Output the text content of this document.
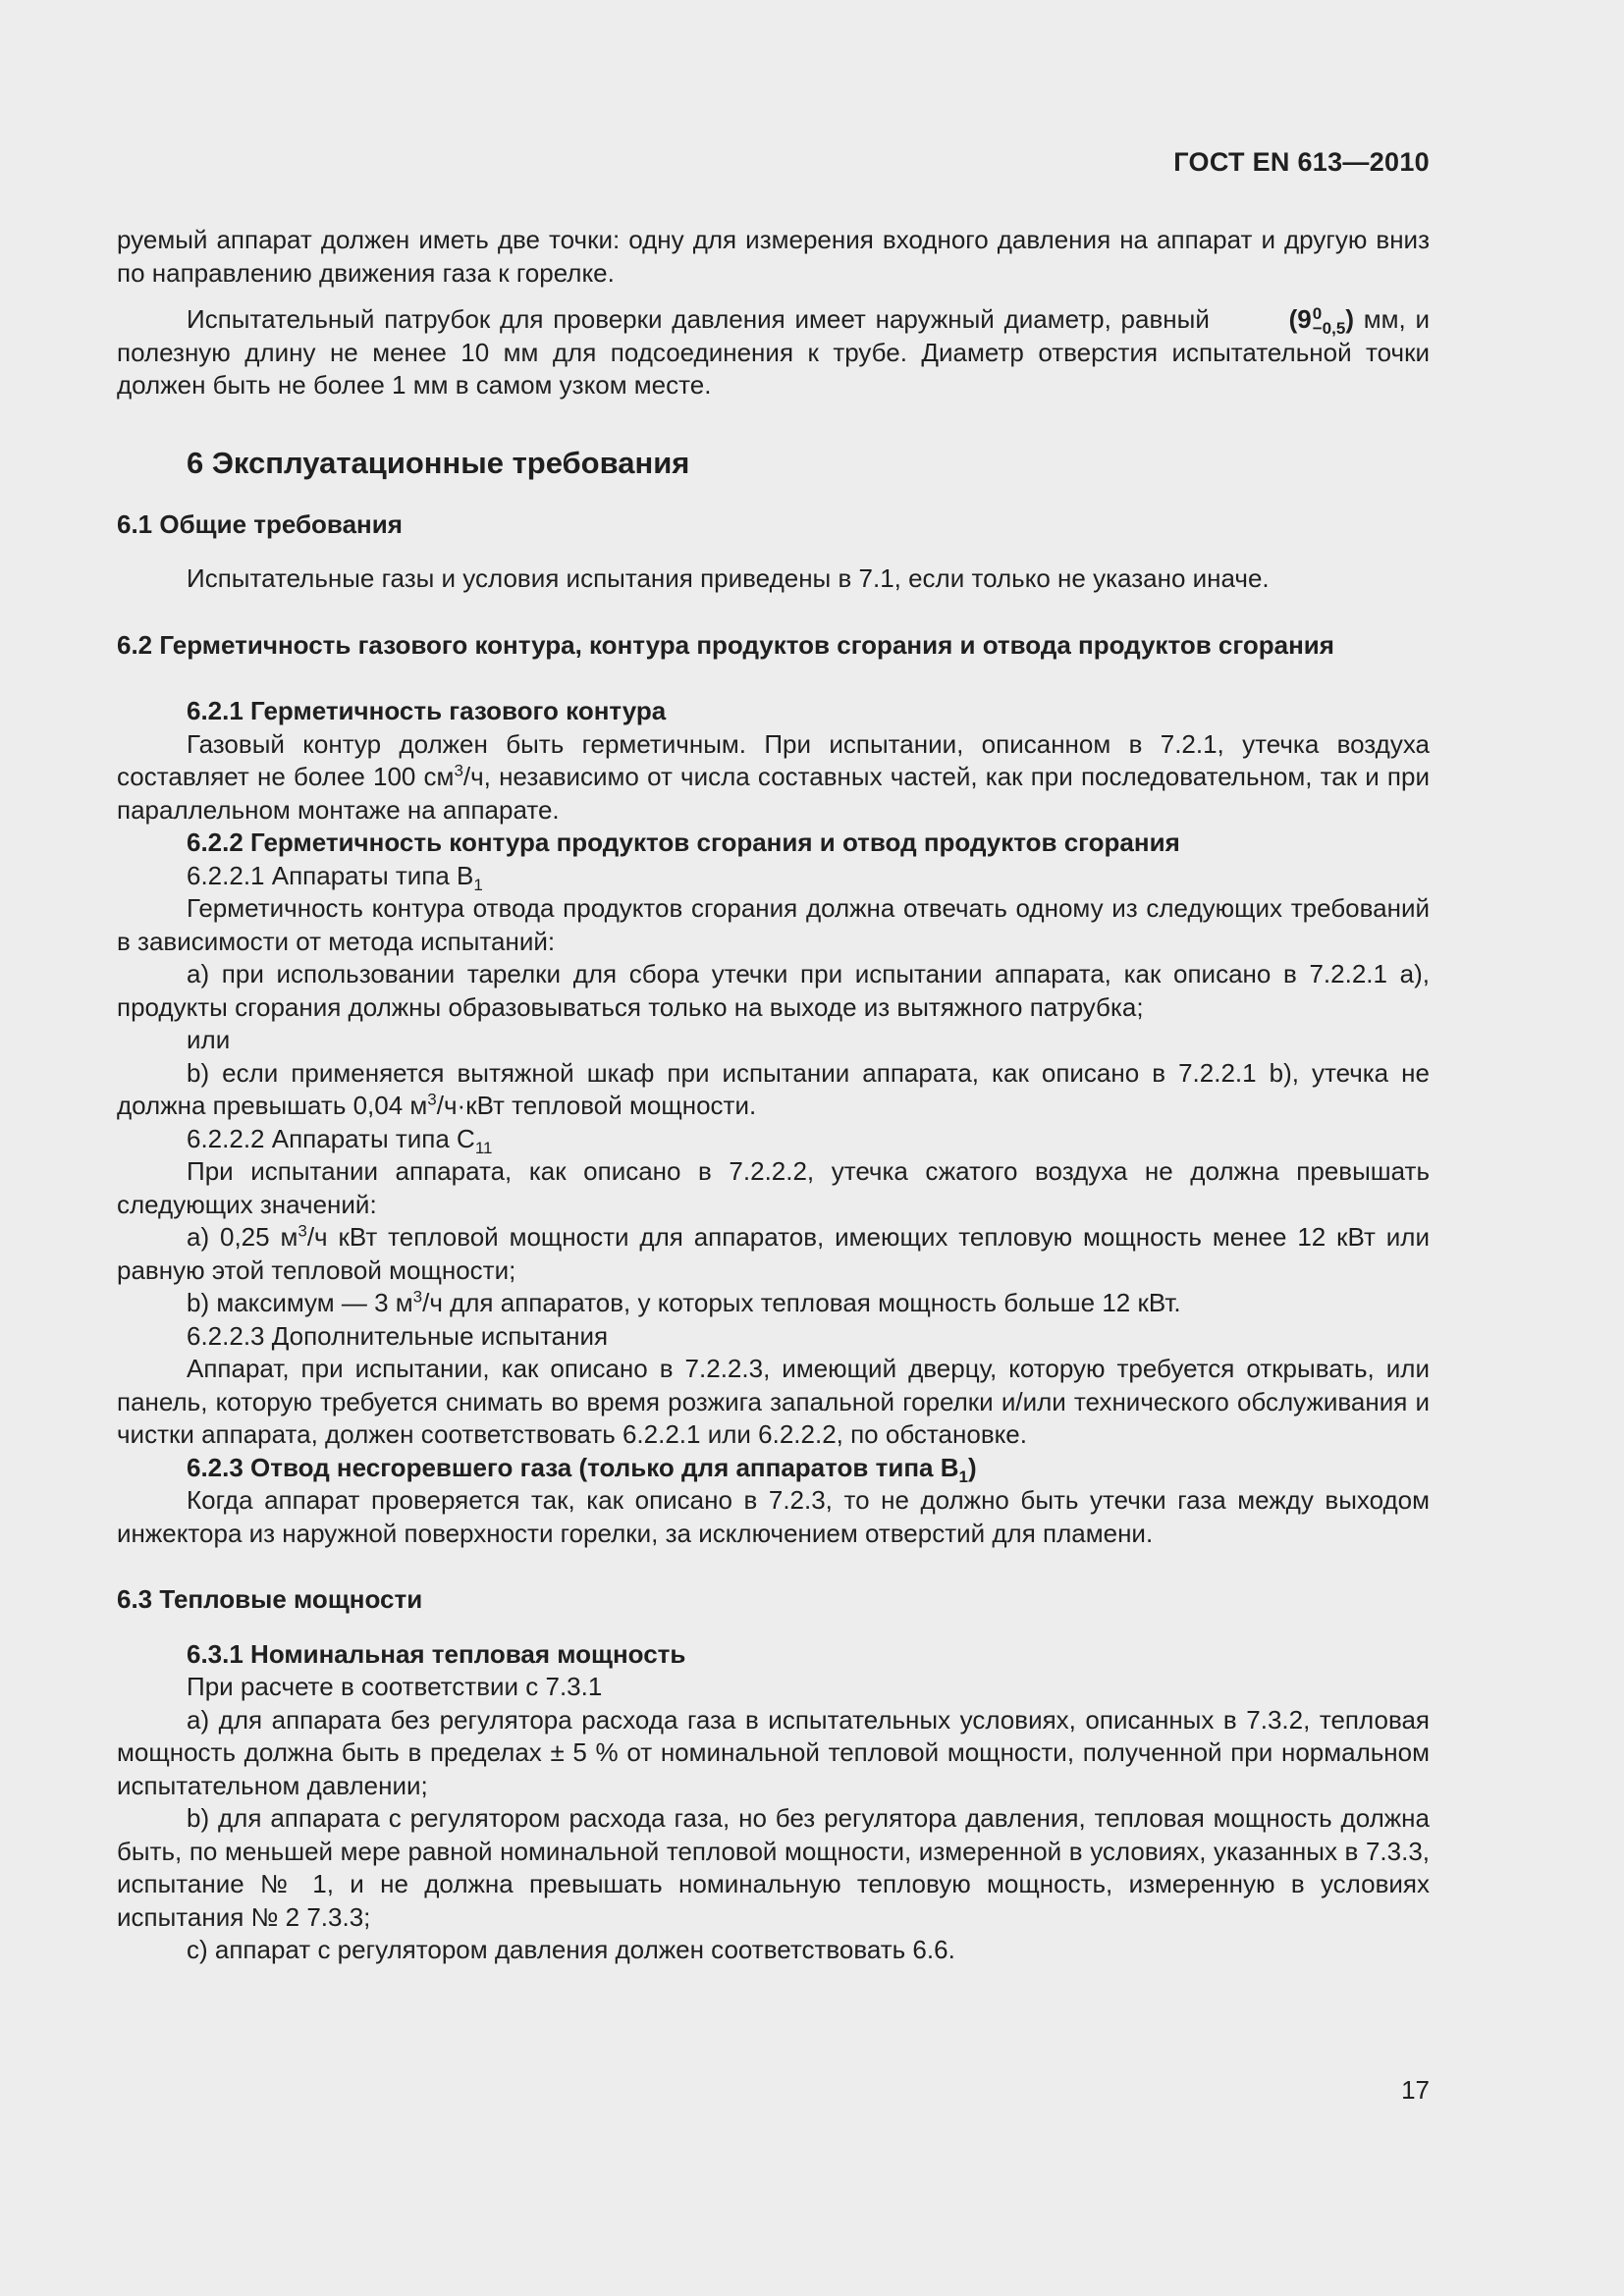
ГОСТ EN 613—2010

руемый аппарат должен иметь две точки: одну для измерения входного давления на аппарат и другую вниз по направлению движения газа к горелке.

Испытательный патрубок для проверки давления имеет наружный диаметр, равный	(9 0
−0,5 ) мм, и полезную длину не менее 10 мм для подсоединения к трубе. Диаметр отверстия испытательной точки должен быть не более 1 мм в самом узком месте.

6 Эксплуатационные требования

6.1 Общие требования

Испытательные газы и условия испытания приведены в 7.1, если только не указано иначе.

6.2 Герметичность газового контура, контура продуктов сгорания и отвода продуктов сгорания

6.2.1 Герметичность газового контура

Газовый контур должен быть герметичным. При испытании, описанном в 7.2.1, утечка воздуха составляет не более 100 $см^3/ч$, независимо от числа составных частей, как при последовательном, так и при параллельном монтаже на аппарате.

6.2.2 Герметичность контура продуктов сгорания и отвод продуктов сгорания

6.2.2.1 Аппараты типа $B_1$

Герметичность контура отвода продуктов сгорания должна отвечать одному из следующих требований в зависимости от метода испытаний:

a) при использовании тарелки для сбора утечки при испытании аппарата, как описано в 7.2.2.1 a), продукты сгорания должны образовываться только на выходе из вытяжного патрубка;

или

b) если применяется вытяжной шкаф при испытании аппарата, как описано в 7.2.2.1 b), утечка не должна превышать 0,04 $м^3/ч\cdot кВт$ тепловой мощности.

6.2.2.2 Аппараты типа $C_{11}$

При испытании аппарата, как описано в 7.2.2.2, утечка сжатого воздуха не должна превышать следующих значений:

a) 0,25 $м^3/ч$ кВт тепловой мощности для аппаратов, имеющих тепловую мощность менее 12 кВт или равную этой тепловой мощности;

b) максимум — 3 $м^3/ч$ для аппаратов, у которых тепловая мощность больше 12 кВт.

6.2.2.3 Дополнительные испытания

Аппарат, при испытании, как описано в 7.2.2.3, имеющий дверцу, которую требуется открывать, или панель, которую требуется снимать во время розжига запальной горелки и/или технического обслуживания и чистки аппарата, должен соответствовать 6.2.2.1 или 6.2.2.2, по обстановке.

6.2.3 Отвод несгоревшего газа (только для аппаратов типа $B_1$)

Когда аппарат проверяется так, как описано в 7.2.3, то не должно быть утечки газа между выходом инжектора из наружной поверхности горелки, за исключением отверстий для пламени.

6.3 Тепловые мощности

6.3.1 Номинальная тепловая мощность

При расчете в соответствии с 7.3.1

a) для аппарата без регулятора расхода газа в испытательных условиях, описанных в 7.3.2, тепловая мощность должна быть в пределах ± 5 % от номинальной тепловой мощности, полученной при нормальном испытательном давлении;

b) для аппарата с регулятором расхода газа, но без регулятора давления, тепловая мощность должна быть, по меньшей мере равной номинальной тепловой мощности, измеренной в условиях, указанных в 7.3.3, испытание № 1, и не должна превышать номинальную тепловую мощность, измеренную в условиях испытания № 2 7.3.3;

c) аппарат с регулятором давления должен соответствовать 6.6.

17
